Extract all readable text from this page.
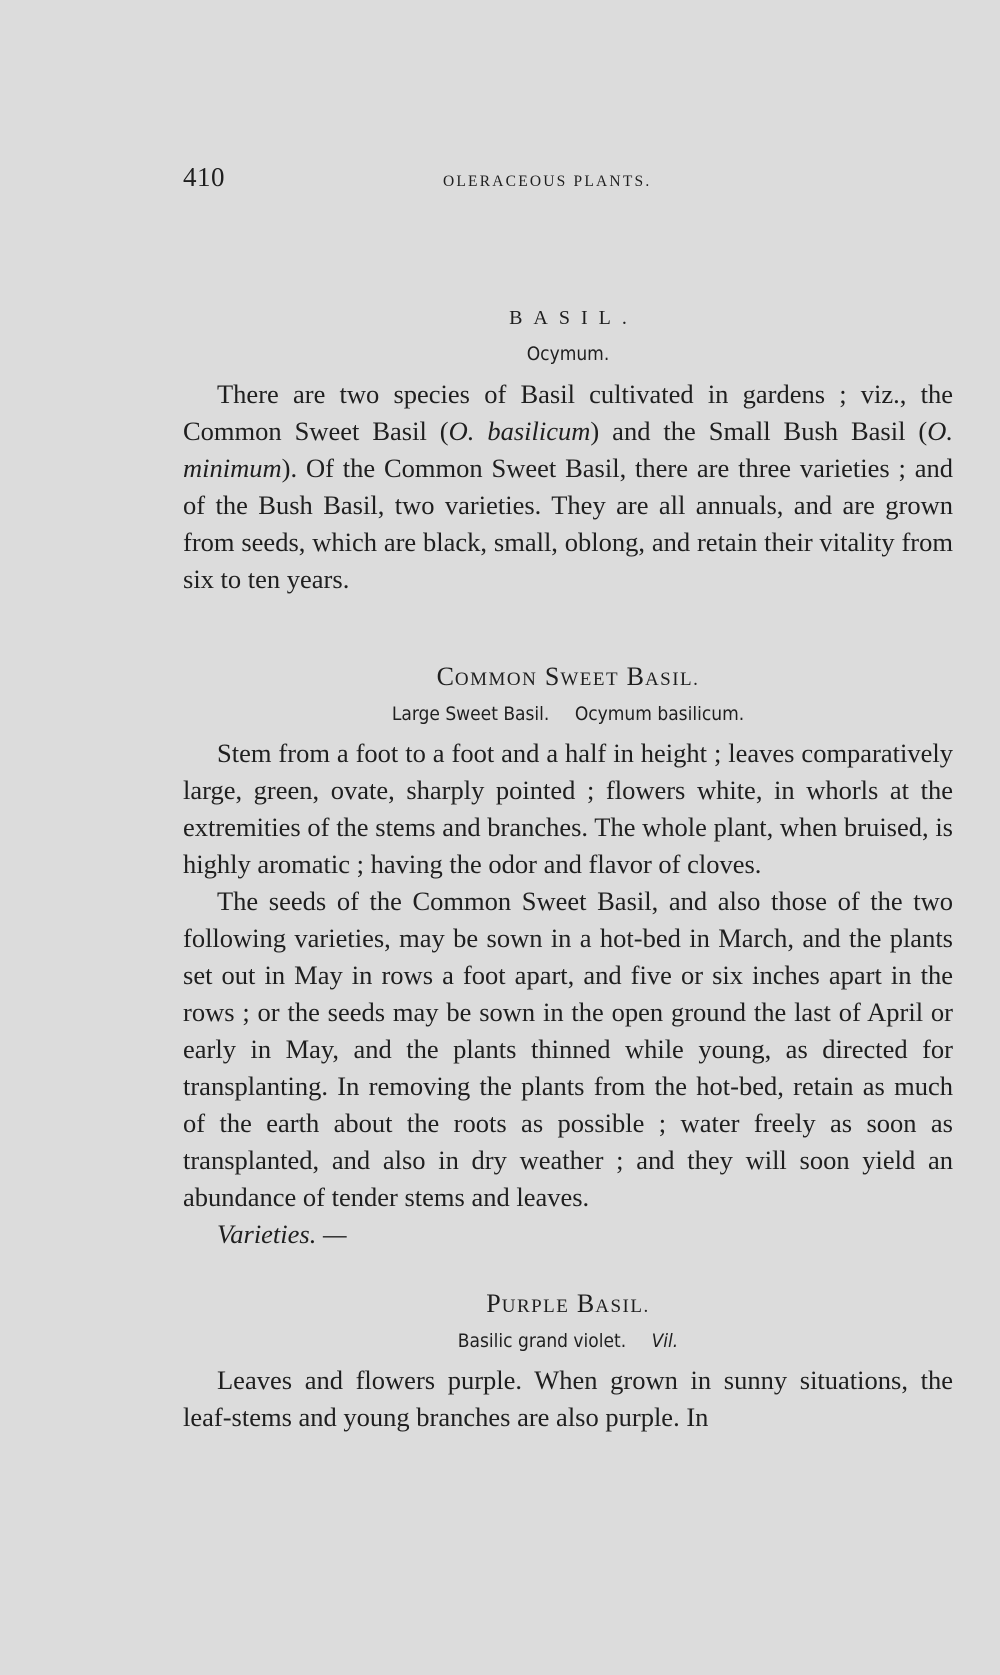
410	OLERACEOUS PLANTS.
BASIL.
Ocymum.

There are two species of Basil cultivated in gardens ; viz., the Common Sweet Basil (O. basilicum) and the Small Bush Basil (O. minimum). Of the Common Sweet Basil, there are three varieties ; and of the Bush Basil, two varieties. They are all annuals, and are grown from seeds, which are black, small, oblong, and retain their vitality from six to ten years.

COMMON SWEET BASIL.
Large Sweet Basil. Ocymum basilicum.

Stem from a foot to a foot and a half in height ; leaves comparatively large, green, ovate, sharply pointed ; flowers white, in whorls at the extremities of the stems and branches. The whole plant, when bruised, is highly aromatic ; having the odor and flavor of cloves.

The seeds of the Common Sweet Basil, and also those of the two following varieties, may be sown in a hot-bed in March, and the plants set out in May in rows a foot apart, and five or six inches apart in the rows ; or the seeds may be sown in the open ground the last of April or early in May, and the plants thinned while young, as directed for transplanting. In removing the plants from the hot-bed, retain as much of the earth about the roots as possible ; water freely as soon as transplanted, and also in dry weather ; and they will soon yield an abundance of tender stems and leaves.

Varieties. —
PURPLE BASIL.
Basilic grand violet. Vil.

Leaves and flowers purple. When grown in sunny situations, the leaf-stems and young branches are also purple. In
